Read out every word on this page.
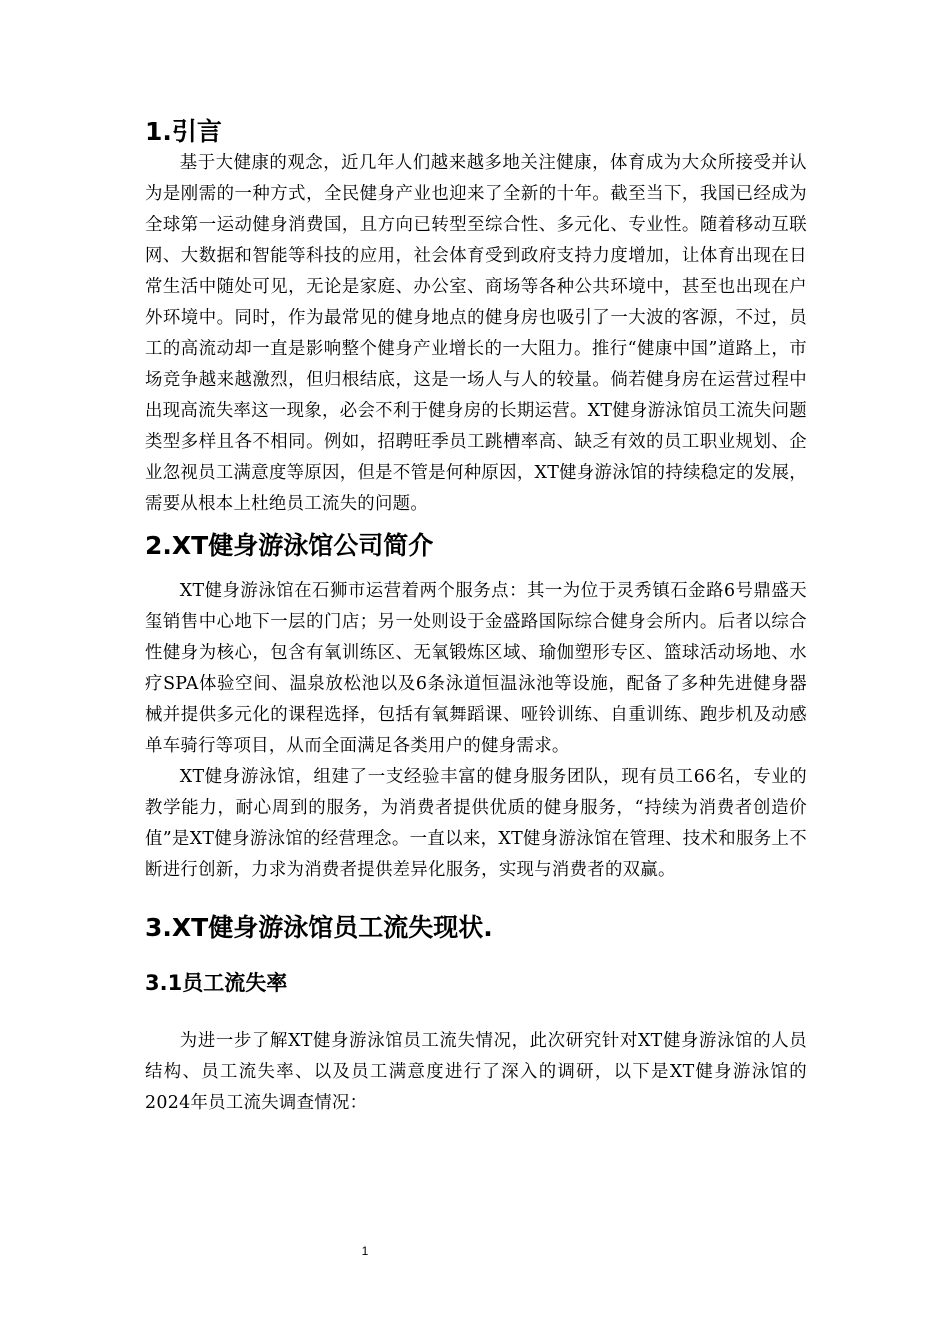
1.引言

基于大健康的观念，近几年人们越来越多地关注健康，体育成为大众所接受并认为是刚需的一种方式，全民健身产业也迎来了全新的十年。截至当下，我国已经成为全球第一运动健身消费国，且方向已转型至综合性、多元化、专业性。随着移动互联网、大数据和智能等科技的应用，社会体育受到政府支持力度增加，让体育出现在日常生活中随处可见，无论是家庭、办公室、商场等各种公共环境中，甚至也出现在户外环境中。同时，作为最常见的健身地点的健身房也吸引了一大波的客源，不过，员工的高流动却一直是影响整个健身产业增长的一大阻力。推行“健康中国”道路上，市场竞争越来越激烈，但归根结底，这是一场人与人的较量。倘若健身房在运营过程中出现高流失率这一现象，必会不利于健身房的长期运营。XT健身游泳馆员工流失问题类型多样且各不相同。例如，招聘旺季员工跳槽率高、缺乏有效的员工职业规划、企业忽视员工满意度等原因，但是不管是何种原因，XT健身游泳馆的持续稳定的发展，需要从根本上杜绝员工流失的问题。

2.XT健身游泳馆公司简介

XT健身游泳馆在石狮市运营着两个服务点：其一为位于灵秀镇石金路6号鼎盛天玺销售中心地下一层的门店；另一处则设于金盛路国际综合健身会所内。后者以综合性健身为核心，包含有氧训练区、无氧锻炼区域、瑜伽塑形专区、篮球活动场地、水疗SPA体验空间、温泉放松池以及6条泳道恒温泳池等设施，配备了多种先进健身器械并提供多元化的课程选择，包括有氧舞蹈课、哑铃训练、自重训练、跑步机及动感单车骑行等项目，从而全面满足各类用户的健身需求。

XT健身游泳馆，组建了一支经验丰富的健身服务团队，现有员工66名，专业的教学能力，耐心周到的服务，为消费者提供优质的健身服务，“持续为消费者创造价值”是XT健身游泳馆的经营理念。一直以来，XT健身游泳馆在管理、技术和服务上不断进行创新，力求为消费者提供差异化服务，实现与消费者的双赢。

3.XT健身游泳馆员工流失现状.
3.1员工流失率

为进一步了解XT健身游泳馆员工流失情况，此次研究针对XT健身游泳馆的人员结构、员工流失率、以及员工满意度进行了深入的调研，以下是XT健身游泳馆的2024年员工流失调查情况：

1
